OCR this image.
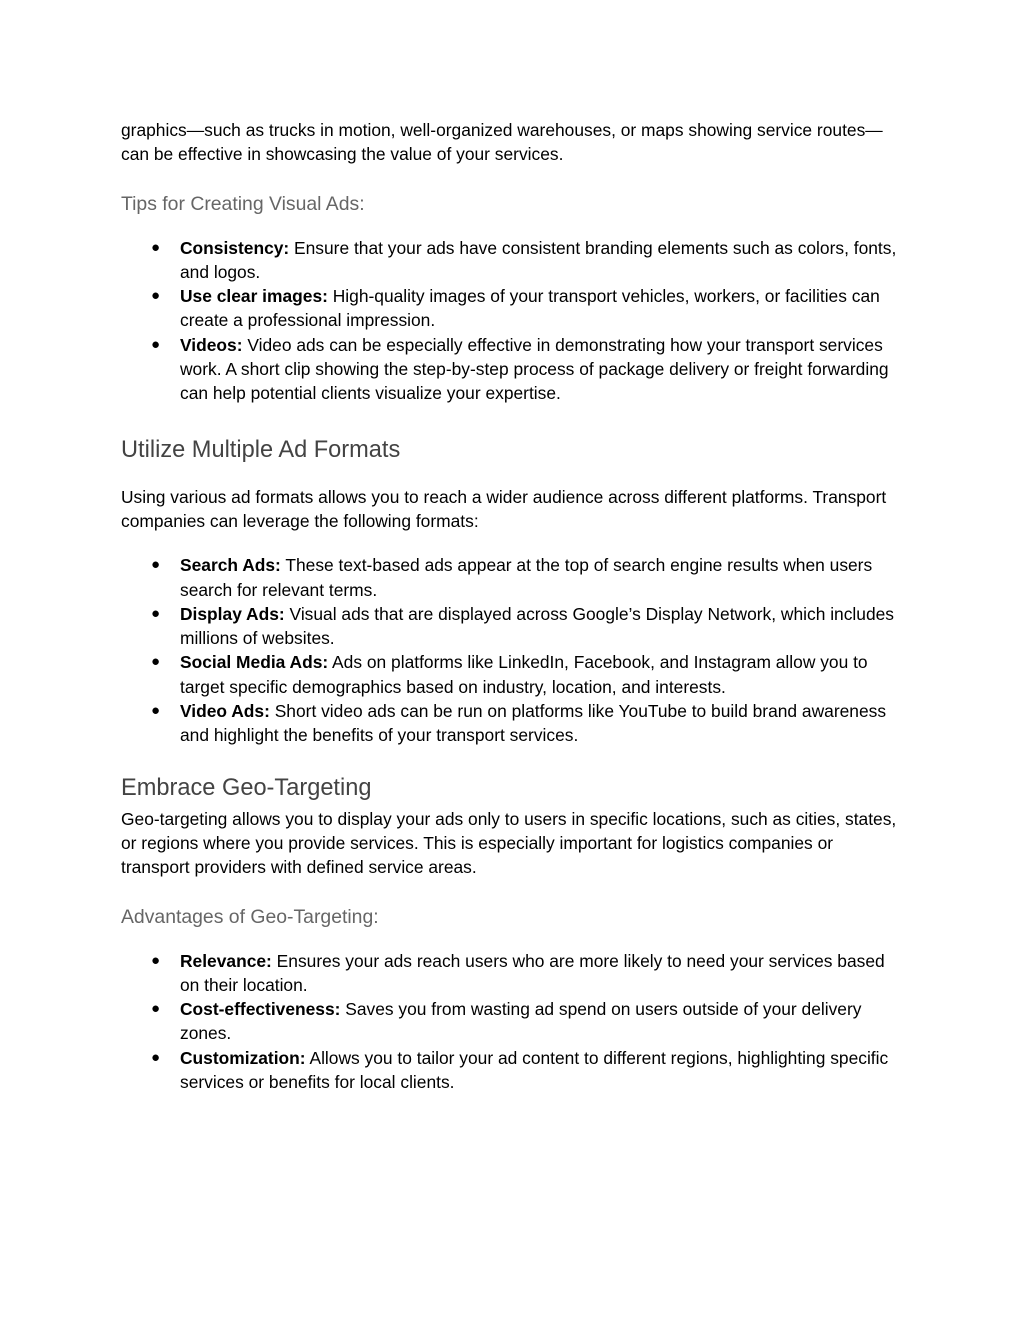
graphics—such as trucks in motion, well-organized warehouses, or maps showing service routes—can be effective in showcasing the value of your services.

Tips for Creating Visual Ads:
● Consistency: Ensure that your ads have consistent branding elements such as colors, fonts, and logos.
● Use clear images: High-quality images of your transport vehicles, workers, or facilities can create a professional impression.
● Videos: Video ads can be especially effective in demonstrating how your transport services work. A short clip showing the step-by-step process of package delivery or freight forwarding can help potential clients visualize your expertise.
Utilize Multiple Ad Formats

Using various ad formats allows you to reach a wider audience across different platforms. Transport companies can leverage the following formats:

● Search Ads: These text-based ads appear at the top of search engine results when users search for relevant terms.
● Display Ads: Visual ads that are displayed across Google’s Display Network, which includes millions of websites.
● Social Media Ads: Ads on platforms like LinkedIn, Facebook, and Instagram allow you to target specific demographics based on industry, location, and interests.
● Video Ads: Short video ads can be run on platforms like YouTube to build brand awareness and highlight the benefits of your transport services.
Embrace Geo-Targeting

Geo-targeting allows you to display your ads only to users in specific locations, such as cities, states, or regions where you provide services. This is especially important for logistics companies or transport providers with defined service areas.

Advantages of Geo-Targeting:
● Relevance: Ensures your ads reach users who are more likely to need your services based on their location.
● Cost-effectiveness: Saves you from wasting ad spend on users outside of your delivery zones.
● Customization: Allows you to tailor your ad content to different regions, highlighting specific services or benefits for local clients.
